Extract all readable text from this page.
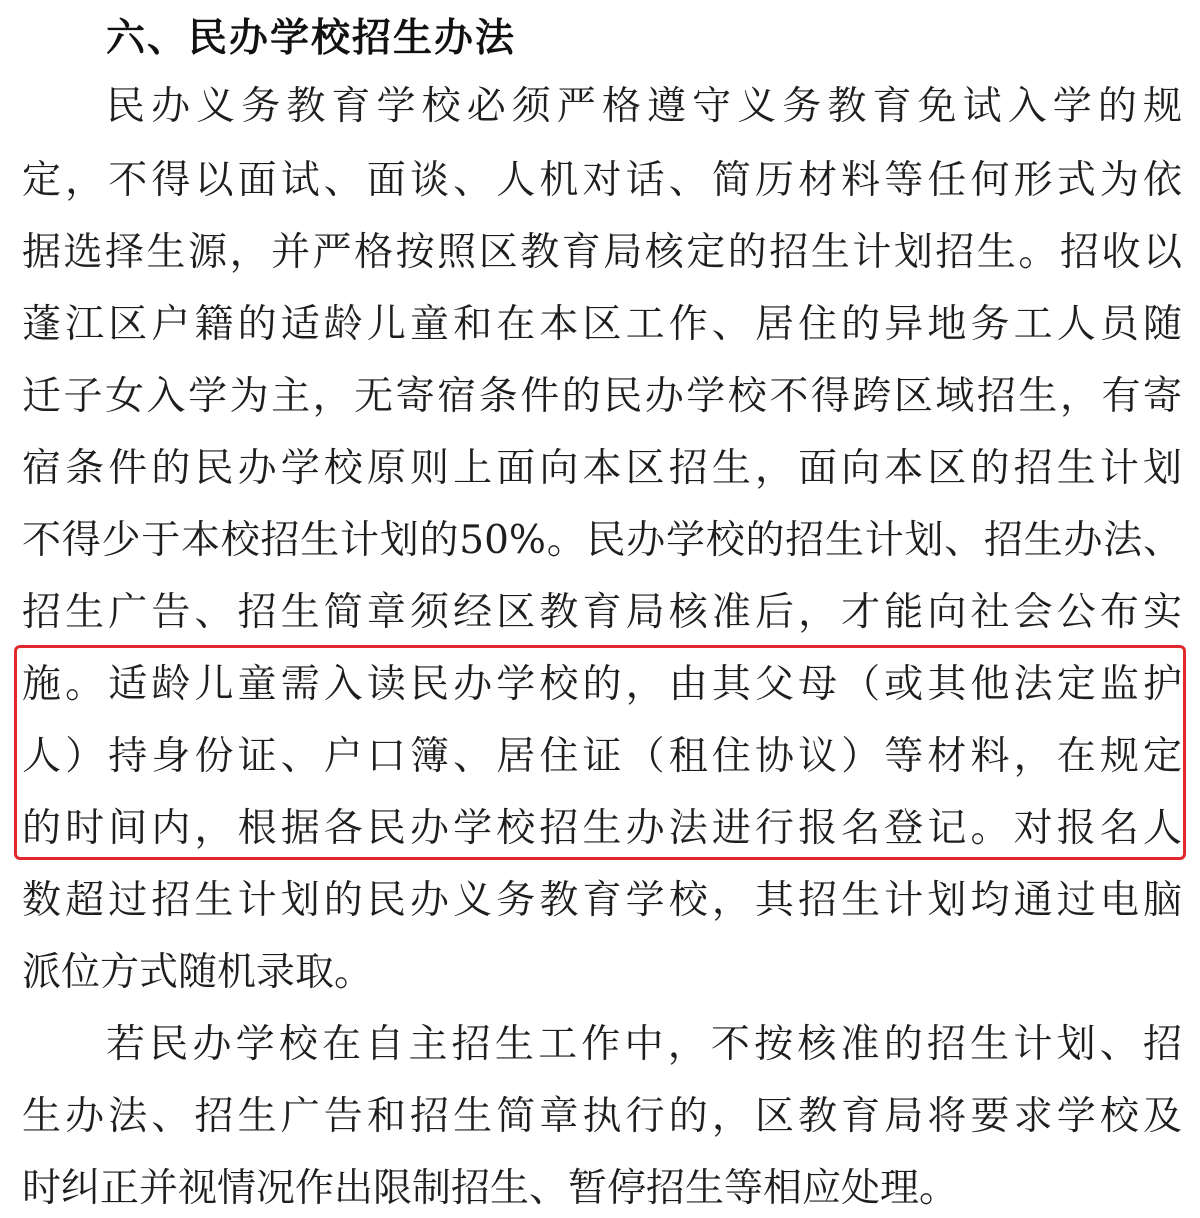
六、民办学校招生办法
民办义务教育学校必须严格遵守义务教育免试入学的规
定，不得以面试、面谈、人机对话、简历材料等任何形式为依
据选择生源，并严格按照区教育局核定的招生计划招生。招收以
蓬江区户籍的适龄儿童和在本区工作、居住的异地务工人员随
迁子女入学为主，无寄宿条件的民办学校不得跨区域招生，有寄
宿条件的民办学校原则上面向本区招生，面向本区的招生计划
不得少于本校招生计划的50%。民办学校的招生计划、招生办法、
招生广告、招生简章须经区教育局核准后，才能向社会公布实
施。适龄儿童需入读民办学校的，由其父母（或其他法定监护
人）持身份证、户口簿、居住证（租住协议）等材料，在规定
的时间内，根据各民办学校招生办法进行报名登记。对报名人
数超过招生计划的民办义务教育学校，其招生计划均通过电脑
派位方式随机录取。
若民办学校在自主招生工作中，不按核准的招生计划、招
生办法、招生广告和招生简章执行的，区教育局将要求学校及
时纠正并视情况作出限制招生、暂停招生等相应处理。
